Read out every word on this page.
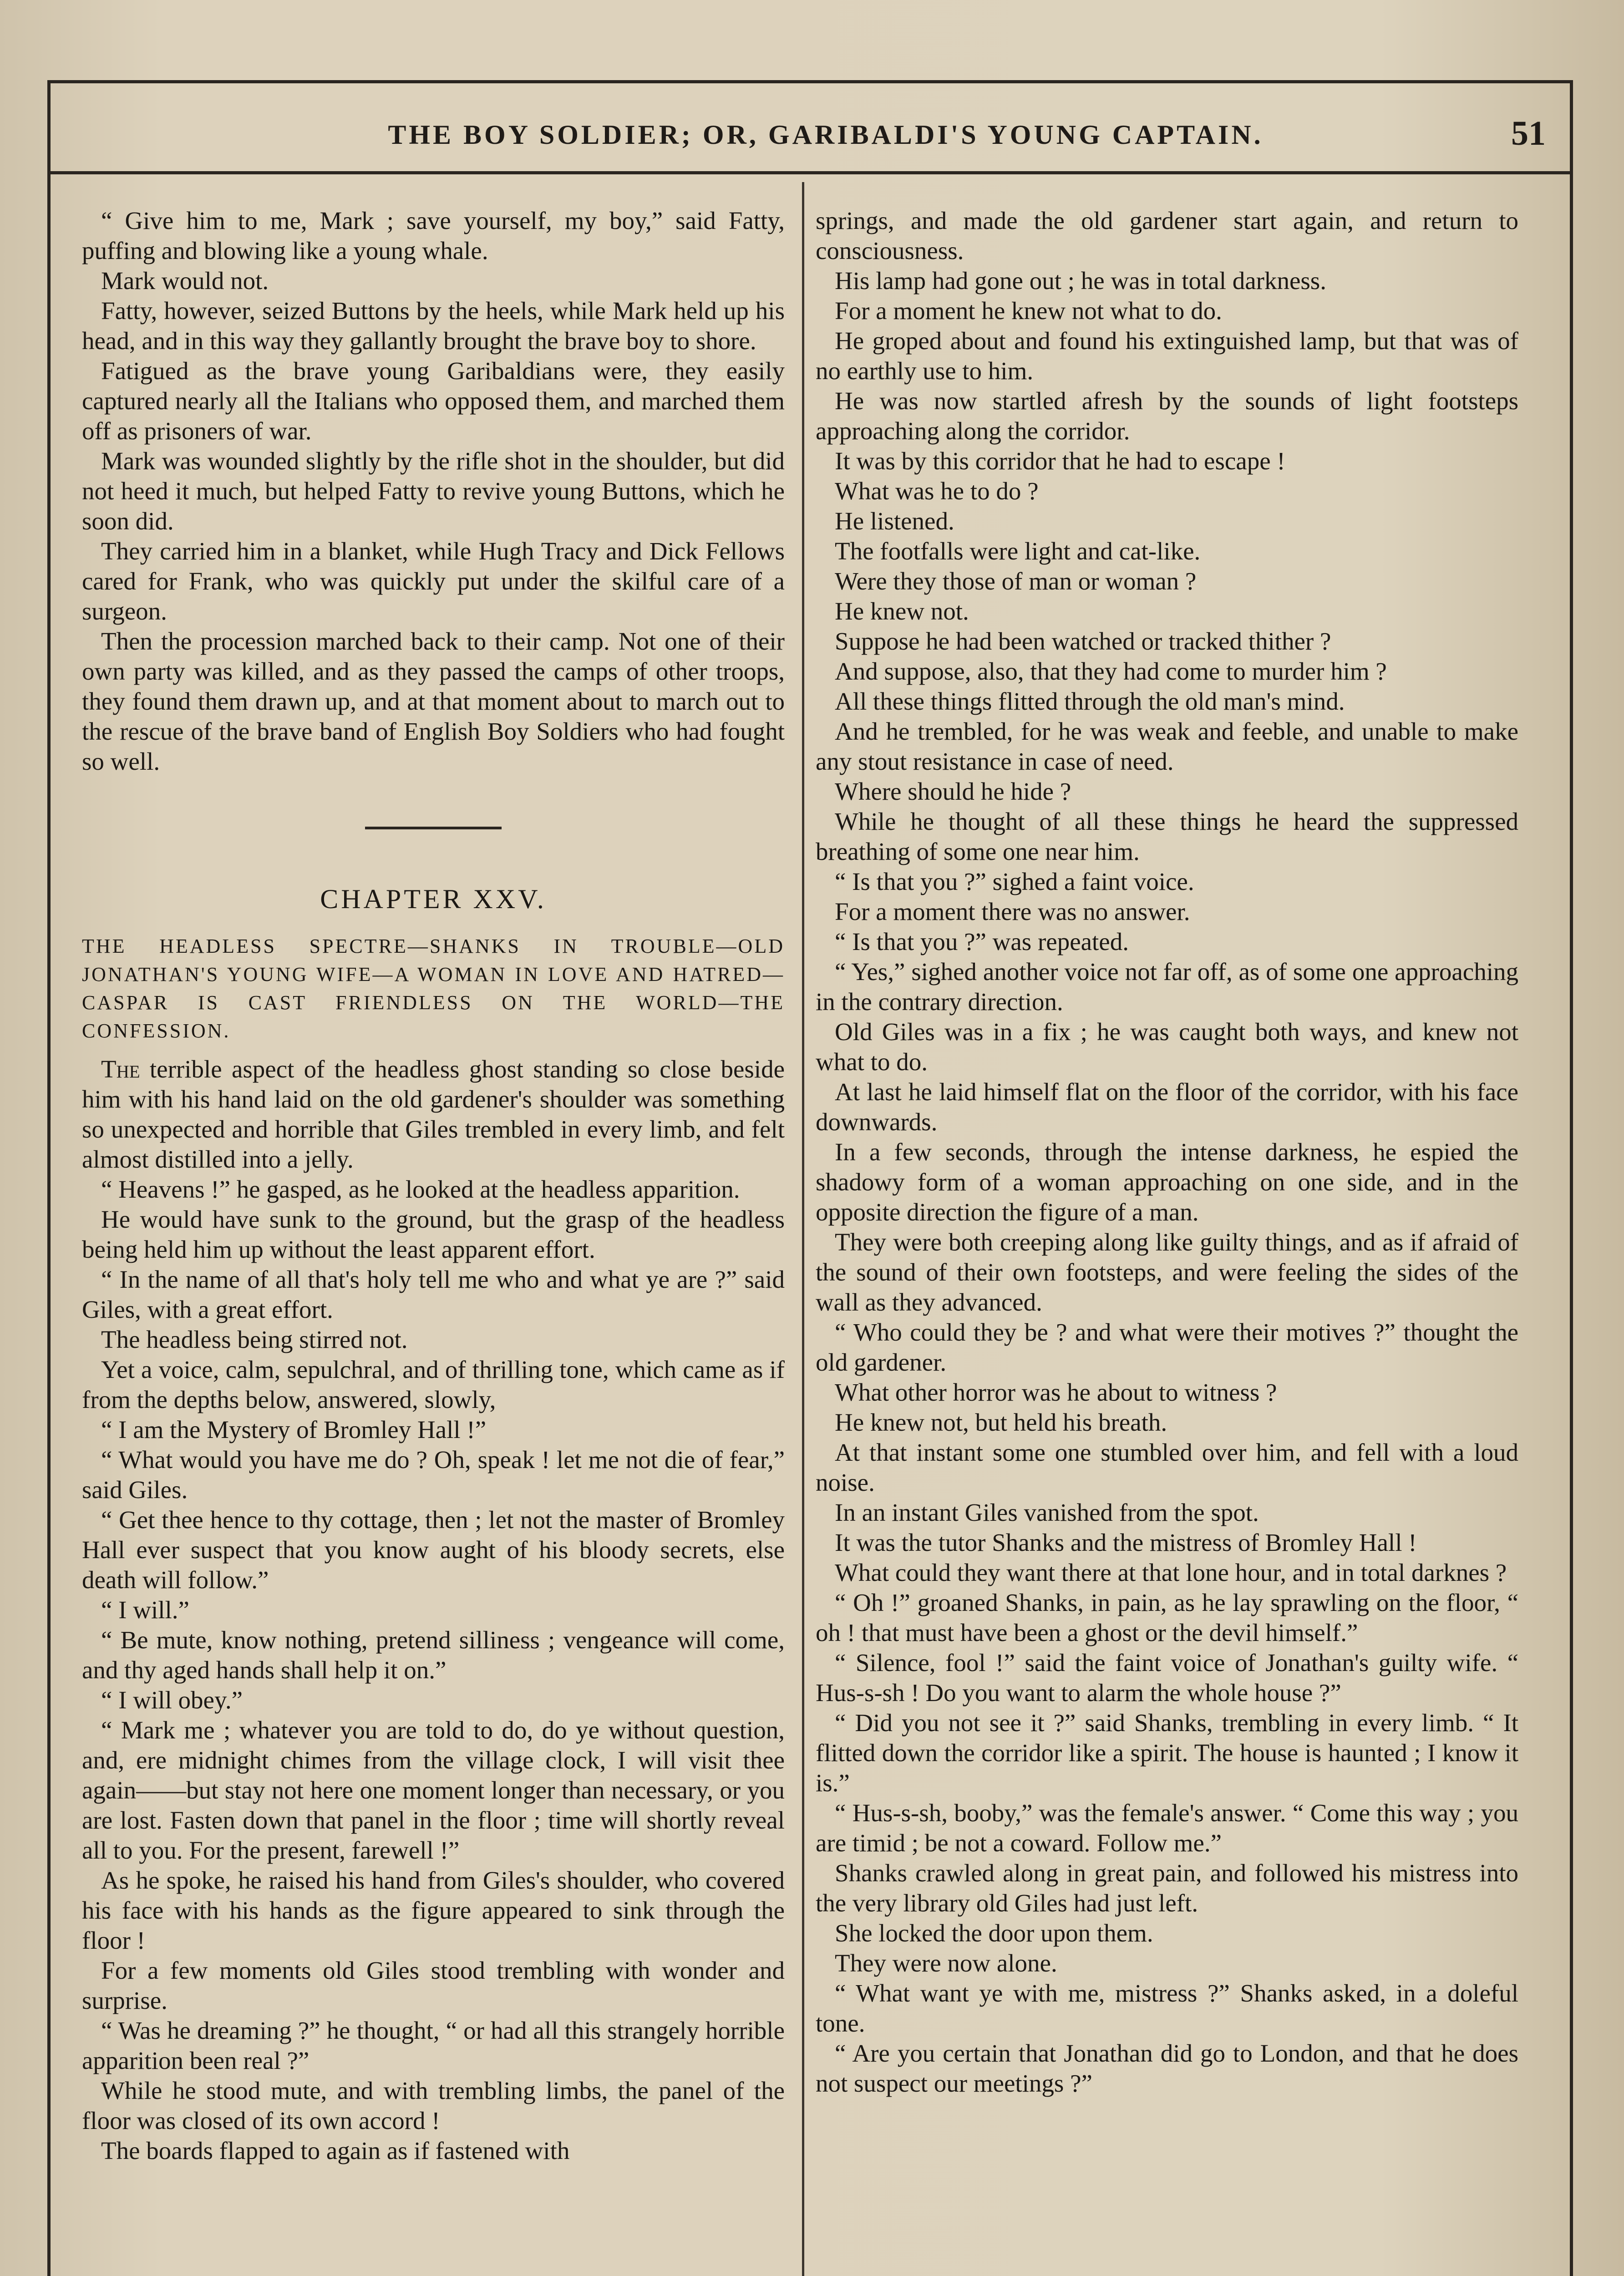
THE BOY SOLDIER; OR, GARIBALDI'S YOUNG CAPTAIN.	51

“ Give him to me, Mark ; save yourself, my boy,” said Fatty, puffing and blowing like a young whale.

Mark would not.

Fatty, however, seized Buttons by the heels, while Mark held up his head, and in this way they gallantly brought the brave boy to shore.

Fatigued as the brave young Garibaldians were, they easily captured nearly all the Italians who opposed them, and marched them off as prisoners of war.

Mark was wounded slightly by the rifle shot in the shoulder, but did not heed it much, but helped Fatty to revive young Buttons, which he soon did.

They carried him in a blanket, while Hugh Tracy and Dick Fellows cared for Frank, who was quickly put under the skilful care of a surgeon.

Then the procession marched back to their camp. Not one of their own party was killed, and as they passed the camps of other troops, they found them drawn up, and at that moment about to march out to the rescue of the brave band of English Boy Soldiers who had fought so well.

CHAPTER XXV.
THE HEADLESS SPECTRE—SHANKS IN TROUBLE—OLD JONATHAN'S YOUNG WIFE—A WOMAN IN LOVE AND HATRED—CASPAR IS CAST FRIENDLESS ON THE WORLD—THE CONFESSION.

The terrible aspect of the headless ghost standing so close beside him with his hand laid on the old gardener's shoulder was something so unexpected and horrible that Giles trembled in every limb, and felt almost distilled into a jelly.

“ Heavens !” he gasped, as he looked at the headless apparition.

He would have sunk to the ground, but the grasp of the headless being held him up without the least apparent effort.

“ In the name of all that's holy tell me who and what ye are ?” said Giles, with a great effort.

The headless being stirred not.

Yet a voice, calm, sepulchral, and of thrilling tone, which came as if from the depths below, answered, slowly,

“ I am the Mystery of Bromley Hall !”

“ What would you have me do ? Oh, speak ! let me not die of fear,” said Giles.

“ Get thee hence to thy cottage, then ; let not the master of Bromley Hall ever suspect that you know aught of his bloody secrets, else death will follow.”

“ I will.”

“ Be mute, know nothing, pretend silliness ; vengeance will come, and thy aged hands shall help it on.”

“ I will obey.”

“ Mark me ; whatever you are told to do, do ye without question, and, ere midnight chimes from the village clock, I will visit thee again——but stay not here one moment longer than necessary, or you are lost. Fasten down that panel in the floor ; time will shortly reveal all to you. For the present, farewell !”

As he spoke, he raised his hand from Giles's shoulder, who covered his face with his hands as the figure appeared to sink through the floor !

For a few moments old Giles stood trembling with wonder and surprise.

“ Was he dreaming ?” he thought, “ or had all this strangely horrible apparition been real ?”

While he stood mute, and with trembling limbs, the panel of the floor was closed of its own accord !

The boards flapped to again as if fastened with

springs, and made the old gardener start again, and return to consciousness.

His lamp had gone out ; he was in total darkness.

For a moment he knew not what to do.

He groped about and found his extinguished lamp, but that was of no earthly use to him.

He was now startled afresh by the sounds of light footsteps approaching along the corridor.

It was by this corridor that he had to escape !

What was he to do ?

He listened.

The footfalls were light and cat-like.

Were they those of man or woman ?

He knew not.

Suppose he had been watched or tracked thither ?

And suppose, also, that they had come to murder him ?

All these things flitted through the old man's mind.

And he trembled, for he was weak and feeble, and unable to make any stout resistance in case of need.

Where should he hide ?

While he thought of all these things he heard the suppressed breathing of some one near him.

“ Is that you ?” sighed a faint voice.

For a moment there was no answer.

“ Is that you ?” was repeated.

“ Yes,” sighed another voice not far off, as of some one approaching in the contrary direction.

Old Giles was in a fix ; he was caught both ways, and knew not what to do.

At last he laid himself flat on the floor of the corridor, with his face downwards.

In a few seconds, through the intense darkness, he espied the shadowy form of a woman approaching on one side, and in the opposite direction the figure of a man.

They were both creeping along like guilty things, and as if afraid of the sound of their own footsteps, and were feeling the sides of the wall as they advanced.

“ Who could they be ? and what were their motives ?” thought the old gardener.

What other horror was he about to witness ?

He knew not, but held his breath.

At that instant some one stumbled over him, and fell with a loud noise.

In an instant Giles vanished from the spot.

It was the tutor Shanks and the mistress of Bromley Hall !

What could they want there at that lone hour, and in total darknes ?

“ Oh !” groaned Shanks, in pain, as he lay sprawling on the floor, “ oh ! that must have been a ghost or the devil himself.”

“ Silence, fool !” said the faint voice of Jonathan's guilty wife. “ Hus-s-sh ! Do you want to alarm the whole house ?”

“ Did you not see it ?” said Shanks, trembling in every limb. “ It flitted down the corridor like a spirit. The house is haunted ; I know it is.”

“ Hus-s-sh, booby,” was the female's answer. “ Come this way ; you are timid ; be not a coward. Follow me.”

Shanks crawled along in great pain, and followed his mistress into the very library old Giles had just left.

She locked the door upon them.

They were now alone.

“ What want ye with me, mistress ?” Shanks asked, in a doleful tone.

“ Are you certain that Jonathan did go to London, and that he does not suspect our meetings ?”
